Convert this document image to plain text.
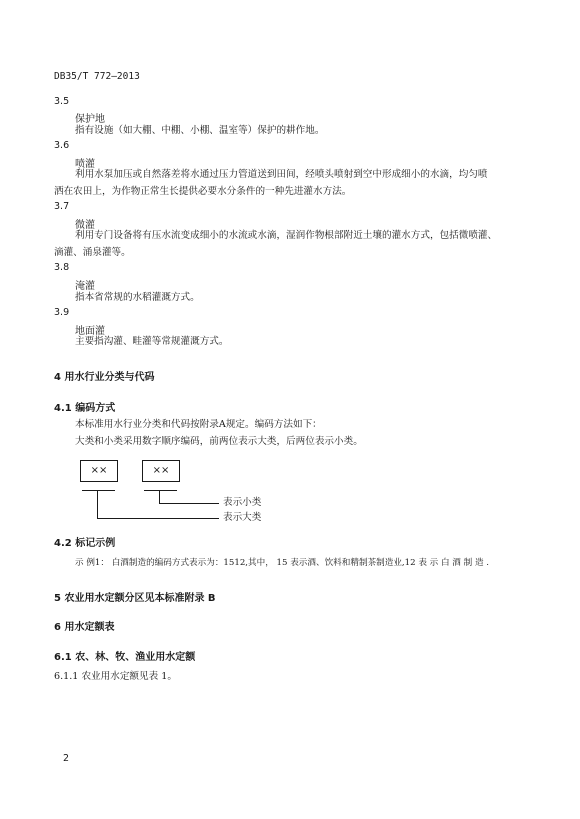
DB35/T 772—2013
3.5
保护地
指有设施（如大棚、中棚、小棚、温室等）保护的耕作地。
3.6
喷灌
利用水泵加压或自然落差将水通过压力管道送到田间，经喷头喷射到空中形成细小的水滴，均匀喷
洒在农田上，为作物正常生长提供必要水分条件的一种先进灌水方法。
3.7
微灌
利用专门设备将有压水流变成细小的水流或水滴，湿润作物根部附近土壤的灌水方式，包括微喷灌、
滴灌、涌泉灌等。
3.8
淹灌
指本省常规的水稻灌溉方式。
3.9
地面灌
主要指沟灌、畦灌等常规灌溉方式。
4 用水行业分类与代码
4.1 编码方式
本标准用水行业分类和代码按附录A规定。编码方法如下：
大类和小类采用数字顺序编码，前两位表示大类，后两位表示小类。
××	××
表示小类
表示大类
4.2 标记示例
示 例1： 白酒制造的编码方式表示为：1512,其中， 15 表示酒、饮料和精制茶制造业,12 表 示 白 酒 制 造 .
5 农业用水定额分区见本标准附录 B
6 用水定额表
6.1 农、林、牧、渔业用水定额
6.1.1 农业用水定额见表 1。
2
